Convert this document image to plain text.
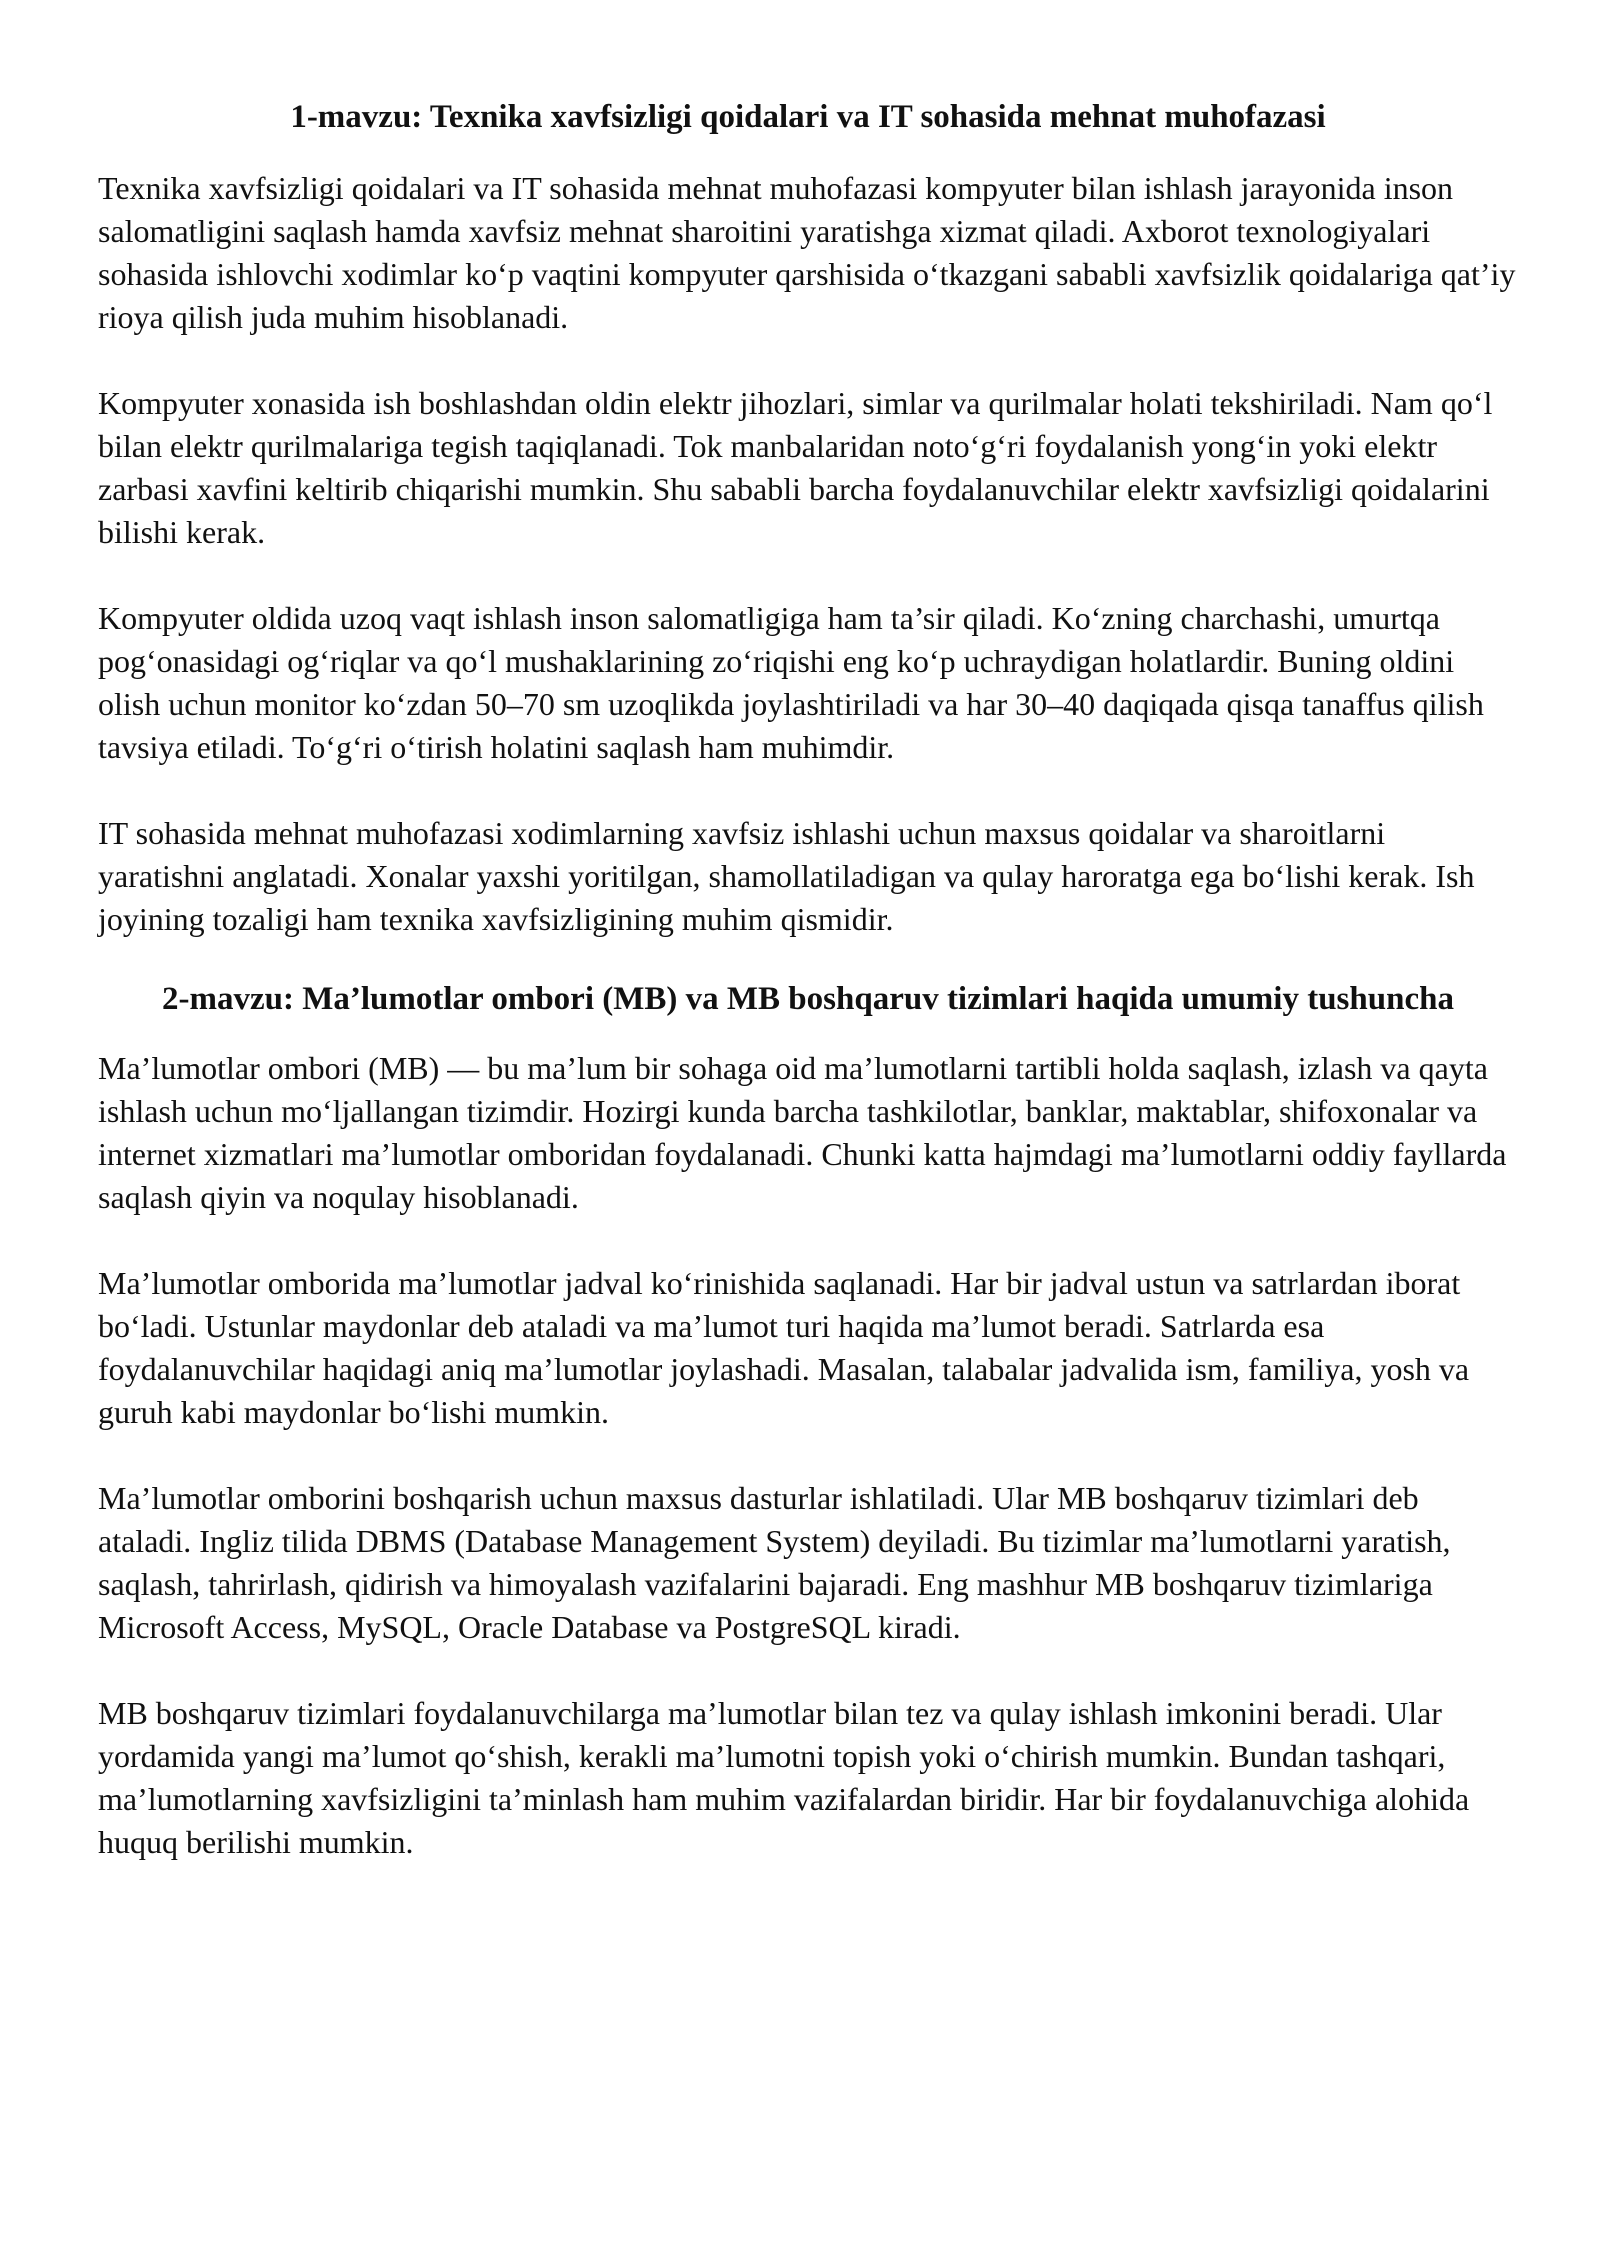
1-mavzu: Texnika xavfsizligi qoidalari va IT sohasida mehnat muhofazasi

Texnika xavfsizligi qoidalari va IT sohasida mehnat muhofazasi kompyuter bilan ishlash jarayonida inson salomatligini saqlash hamda xavfsiz mehnat sharoitini yaratishga xizmat qiladi. Axborot texnologiyalari sohasida ishlovchi xodimlar ko‘p vaqtini kompyuter qarshisida o‘tkazgani sababli xavfsizlik qoidalariga qat’iy rioya qilish juda muhim hisoblanadi.

Kompyuter xonasida ish boshlashdan oldin elektr jihozlari, simlar va qurilmalar holati tekshiriladi. Nam qo‘l bilan elektr qurilmalariga tegish taqiqlanadi. Tok manbalaridan noto‘g‘ri foydalanish yong‘in yoki elektr zarbasi xavfini keltirib chiqarishi mumkin. Shu sababli barcha foydalanuvchilar elektr xavfsizligi qoidalarini bilishi kerak.

Kompyuter oldida uzoq vaqt ishlash inson salomatligiga ham ta’sir qiladi. Ko‘zning charchashi, umurtqa pog‘onasidagi og‘riqlar va qo‘l mushaklarining zo‘riqishi eng ko‘p uchraydigan holatlardir. Buning oldini olish uchun monitor ko‘zdan 50–70 sm uzoqlikda joylashtiriladi va har 30–40 daqiqada qisqa tanaffus qilish tavsiya etiladi. To‘g‘ri o‘tirish holatini saqlash ham muhimdir.

IT sohasida mehnat muhofazasi xodimlarning xavfsiz ishlashi uchun maxsus qoidalar va sharoitlarni yaratishni anglatadi. Xonalar yaxshi yoritilgan, shamollatiladigan va qulay haroratga ega bo‘lishi kerak. Ish joyining tozaligi ham texnika xavfsizligining muhim qismidir.

2-mavzu: Ma’lumotlar ombori (MB) va MB boshqaruv tizimlari haqida umumiy tushuncha

Ma’lumotlar ombori (MB) — bu ma’lum bir sohaga oid ma’lumotlarni tartibli holda saqlash, izlash va qayta ishlash uchun mo‘ljallangan tizimdir. Hozirgi kunda barcha tashkilotlar, banklar, maktablar, shifoxonalar va internet xizmatlari ma’lumotlar omboridan foydalanadi. Chunki katta hajmdagi ma’lumotlarni oddiy fayllarda saqlash qiyin va noqulay hisoblanadi.

Ma’lumotlar omborida ma’lumotlar jadval ko‘rinishida saqlanadi. Har bir jadval ustun va satrlardan iborat bo‘ladi. Ustunlar maydonlar deb ataladi va ma’lumot turi haqida ma’lumot beradi. Satrlarda esa foydalanuvchilar haqidagi aniq ma’lumotlar joylashadi. Masalan, talabalar jadvalida ism, familiya, yosh va guruh kabi maydonlar bo‘lishi mumkin.

Ma’lumotlar omborini boshqarish uchun maxsus dasturlar ishlatiladi. Ular MB boshqaruv tizimlari deb ataladi. Ingliz tilida DBMS (Database Management System) deyiladi. Bu tizimlar ma’lumotlarni yaratish, saqlash, tahrirlash, qidirish va himoyalash vazifalarini bajaradi. Eng mashhur MB boshqaruv tizimlariga Microsoft Access, MySQL, Oracle Database va PostgreSQL kiradi.

MB boshqaruv tizimlari foydalanuvchilarga ma’lumotlar bilan tez va qulay ishlash imkonini beradi. Ular yordamida yangi ma’lumot qo‘shish, kerakli ma’lumotni topish yoki o‘chirish mumkin. Bundan tashqari, ma’lumotlarning xavfsizligini ta’minlash ham muhim vazifalardan biridir. Har bir foydalanuvchiga alohida huquq berilishi mumkin.
